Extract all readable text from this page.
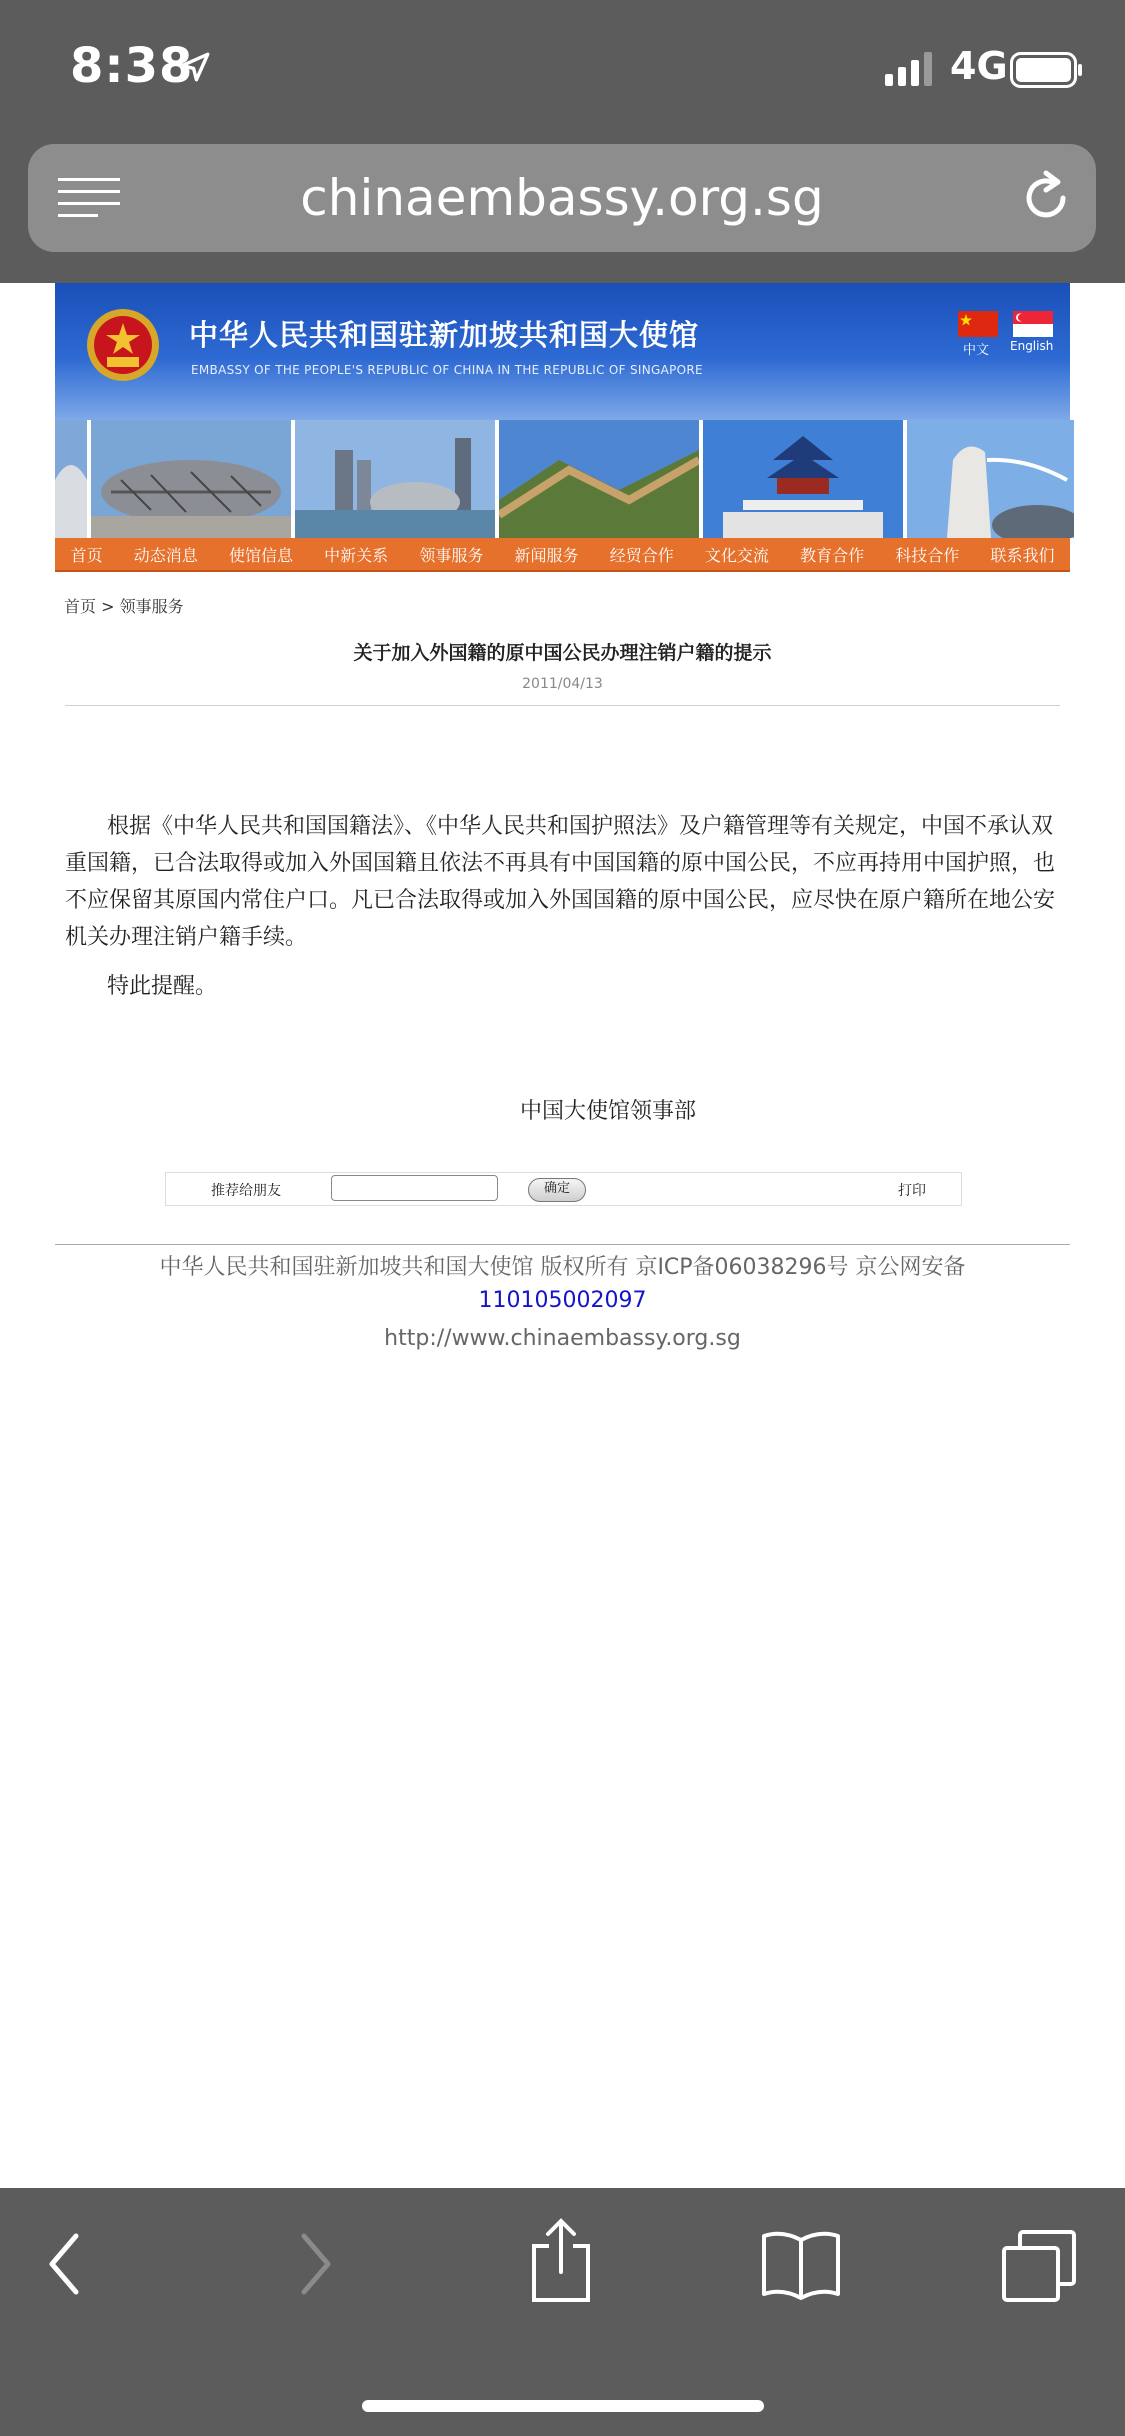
8:38	4G
chinaembassy.org.sg
中华人民共和国驻新加坡共和国大使馆
EMBASSY OF THE PEOPLE'S REPUBLIC OF CHINA IN THE REPUBLIC OF SINGAPORE
中文 English
首页	动态消息	使馆信息	中新关系	领事服务	新闻服务	经贸合作	文化交流	教育合作	科技合作	联系我们
首页 > 领事服务
关于加入外国籍的原中国公民办理注销户籍的提示
2011/04/13

根据《中华人民共和国国籍法》、《中华人民共和国护照法》及户籍管理等有关规定，中国不承认双重国籍，已合法取得或加入外国国籍且依法不再具有中国国籍的原中国公民，不应再持用中国护照，也不应保留其原国内常住户口。凡已合法取得或加入外国国籍的原中国公民，应尽快在原户籍所在地公安机关办理注销户籍手续。

特此提醒。

中国大使馆领事部
推荐给朋友	确定	打印
中华人民共和国驻新加坡共和国大使馆 版权所有 京ICP备06038296号 京公网安备
110105002097
http://www.chinaembassy.org.sg
